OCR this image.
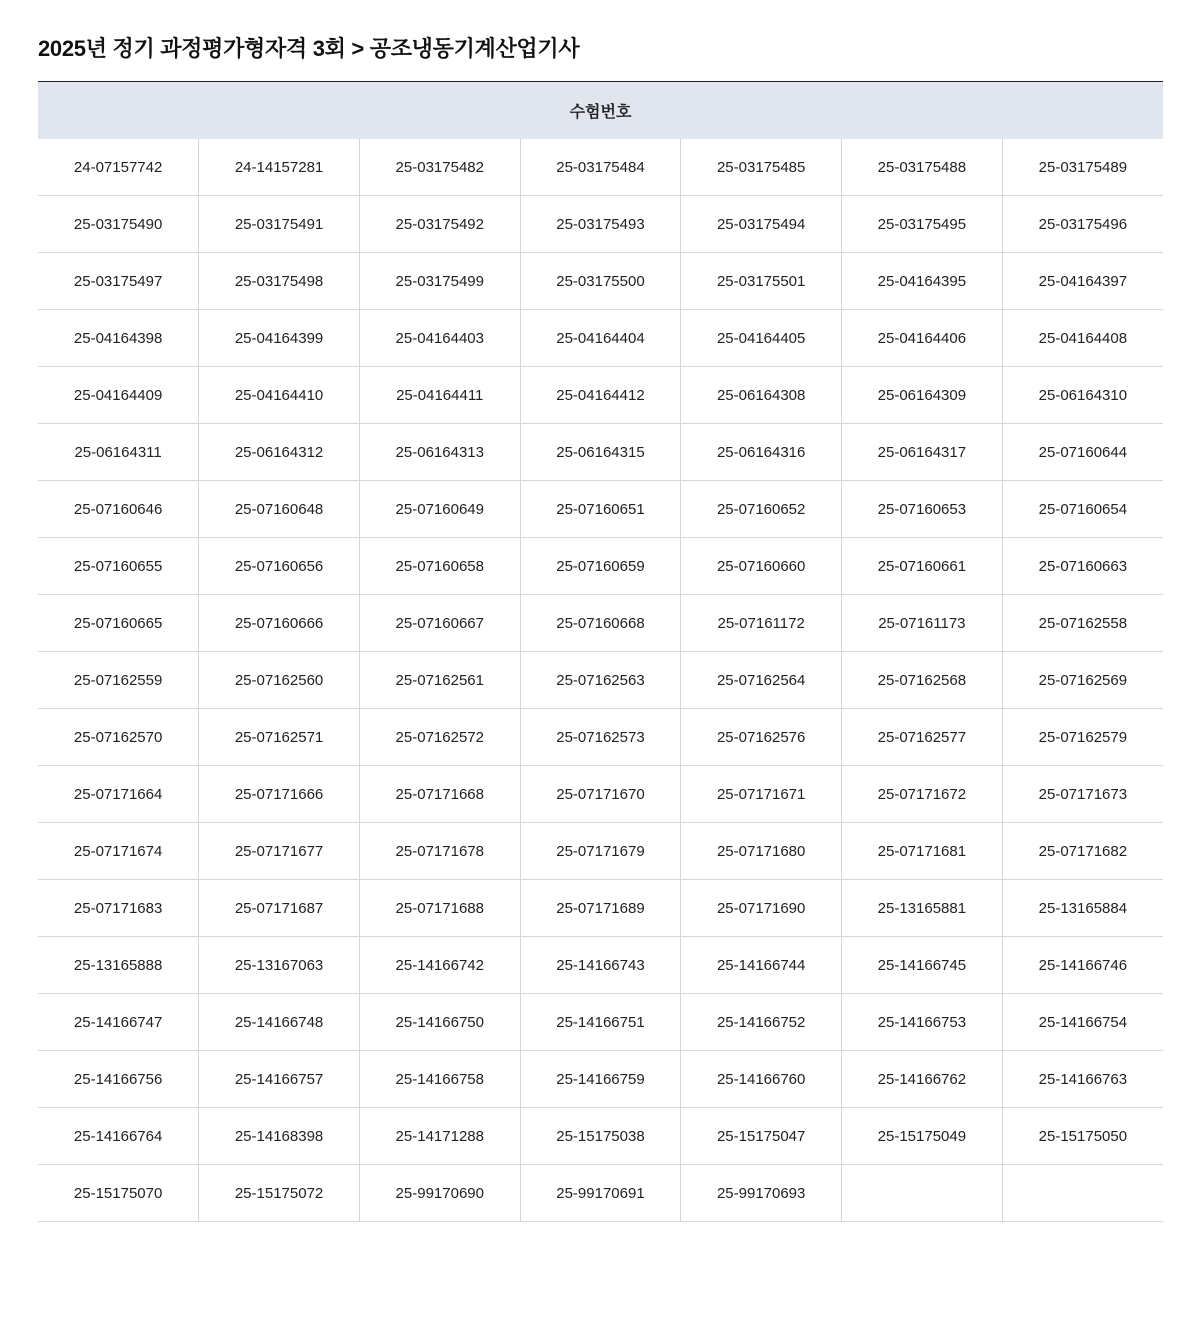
2025년 정기 과정평가형자격 3회 > 공조냉동기계산업기사
수험번호						
24-07157742	24-14157281	25-03175482	25-03175484	25-03175485	25-03175488	25-03175489
25-03175490	25-03175491	25-03175492	25-03175493	25-03175494	25-03175495	25-03175496
25-03175497	25-03175498	25-03175499	25-03175500	25-03175501	25-04164395	25-04164397
25-04164398	25-04164399	25-04164403	25-04164404	25-04164405	25-04164406	25-04164408
25-04164409	25-04164410	25-04164411	25-04164412	25-06164308	25-06164309	25-06164310
25-06164311	25-06164312	25-06164313	25-06164315	25-06164316	25-06164317	25-07160644
25-07160646	25-07160648	25-07160649	25-07160651	25-07160652	25-07160653	25-07160654
25-07160655	25-07160656	25-07160658	25-07160659	25-07160660	25-07160661	25-07160663
25-07160665	25-07160666	25-07160667	25-07160668	25-07161172	25-07161173	25-07162558
25-07162559	25-07162560	25-07162561	25-07162563	25-07162564	25-07162568	25-07162569
25-07162570	25-07162571	25-07162572	25-07162573	25-07162576	25-07162577	25-07162579
25-07171664	25-07171666	25-07171668	25-07171670	25-07171671	25-07171672	25-07171673
25-07171674	25-07171677	25-07171678	25-07171679	25-07171680	25-07171681	25-07171682
25-07171683	25-07171687	25-07171688	25-07171689	25-07171690	25-13165881	25-13165884
25-13165888	25-13167063	25-14166742	25-14166743	25-14166744	25-14166745	25-14166746
25-14166747	25-14166748	25-14166750	25-14166751	25-14166752	25-14166753	25-14166754
25-14166756	25-14166757	25-14166758	25-14166759	25-14166760	25-14166762	25-14166763
25-14166764	25-14168398	25-14171288	25-15175038	25-15175047	25-15175049	25-15175050
25-15175070	25-15175072	25-99170690	25-99170691	25-99170693		
